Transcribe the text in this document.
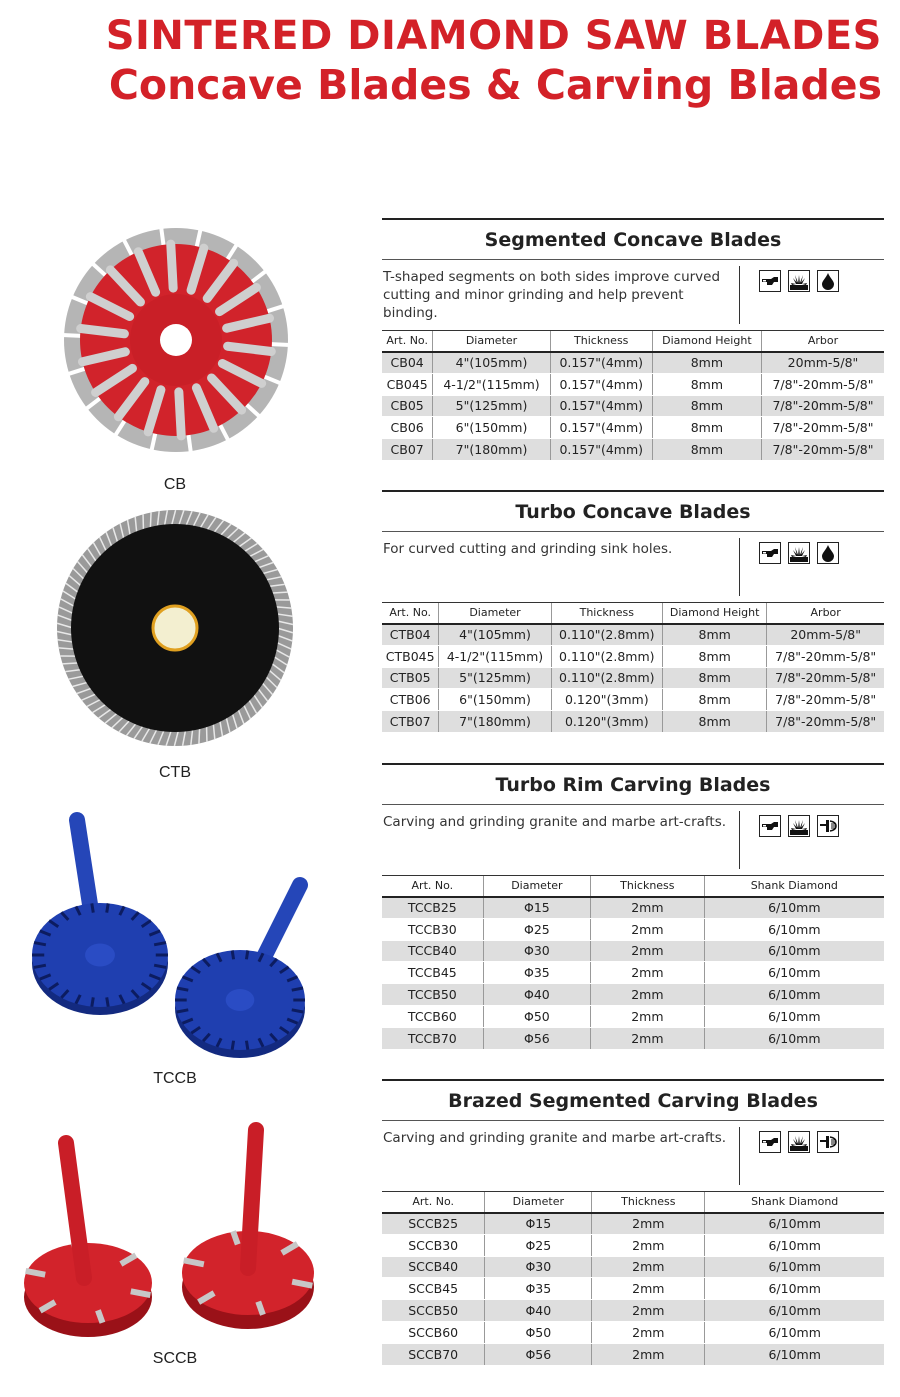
SINTERED DIAMOND SAW BLADES
Concave Blades & Carving Blades
CB
CTB
TCCB
SCCB
Segmented Concave Blades
T-shaped segments on both sides improve curved cutting and minor grinding and help prevent binding.
Art. No.	Diameter	Thickness	Diamond Height	Arbor
CB04	4"(105mm)	0.157"(4mm)	8mm	20mm-5/8"
CB045	4-1/2"(115mm)	0.157"(4mm)	8mm	7/8"-20mm-5/8"
CB05	5"(125mm)	0.157"(4mm)	8mm	7/8"-20mm-5/8"
CB06	6"(150mm)	0.157"(4mm)	8mm	7/8"-20mm-5/8"
CB07	7"(180mm)	0.157"(4mm)	8mm	7/8"-20mm-5/8"
Turbo Concave Blades
For curved cutting and grinding sink holes.
Art. No.	Diameter	Thickness	Diamond Height	Arbor
CTB04	4"(105mm)	0.110"(2.8mm)	8mm	20mm-5/8"
CTB045	4-1/2"(115mm)	0.110"(2.8mm)	8mm	7/8"-20mm-5/8"
CTB05	5"(125mm)	0.110"(2.8mm)	8mm	7/8"-20mm-5/8"
CTB06	6"(150mm)	0.120"(3mm)	8mm	7/8"-20mm-5/8"
CTB07	7"(180mm)	0.120"(3mm)	8mm	7/8"-20mm-5/8"
Turbo Rim Carving Blades
Carving and grinding granite and marbe art-crafts.
Art. No.	Diameter	Thickness	Shank Diamond
TCCB25	Φ15	2mm	6/10mm
TCCB30	Φ25	2mm	6/10mm
TCCB40	Φ30	2mm	6/10mm
TCCB45	Φ35	2mm	6/10mm
TCCB50	Φ40	2mm	6/10mm
TCCB60	Φ50	2mm	6/10mm
TCCB70	Φ56	2mm	6/10mm
Brazed Segmented Carving Blades
Carving and grinding granite and marbe art-crafts.
Art. No.	Diameter	Thickness	Shank Diamond
SCCB25	Φ15	2mm	6/10mm
SCCB30	Φ25	2mm	6/10mm
SCCB40	Φ30	2mm	6/10mm
SCCB45	Φ35	2mm	6/10mm
SCCB50	Φ40	2mm	6/10mm
SCCB60	Φ50	2mm	6/10mm
SCCB70	Φ56	2mm	6/10mm
